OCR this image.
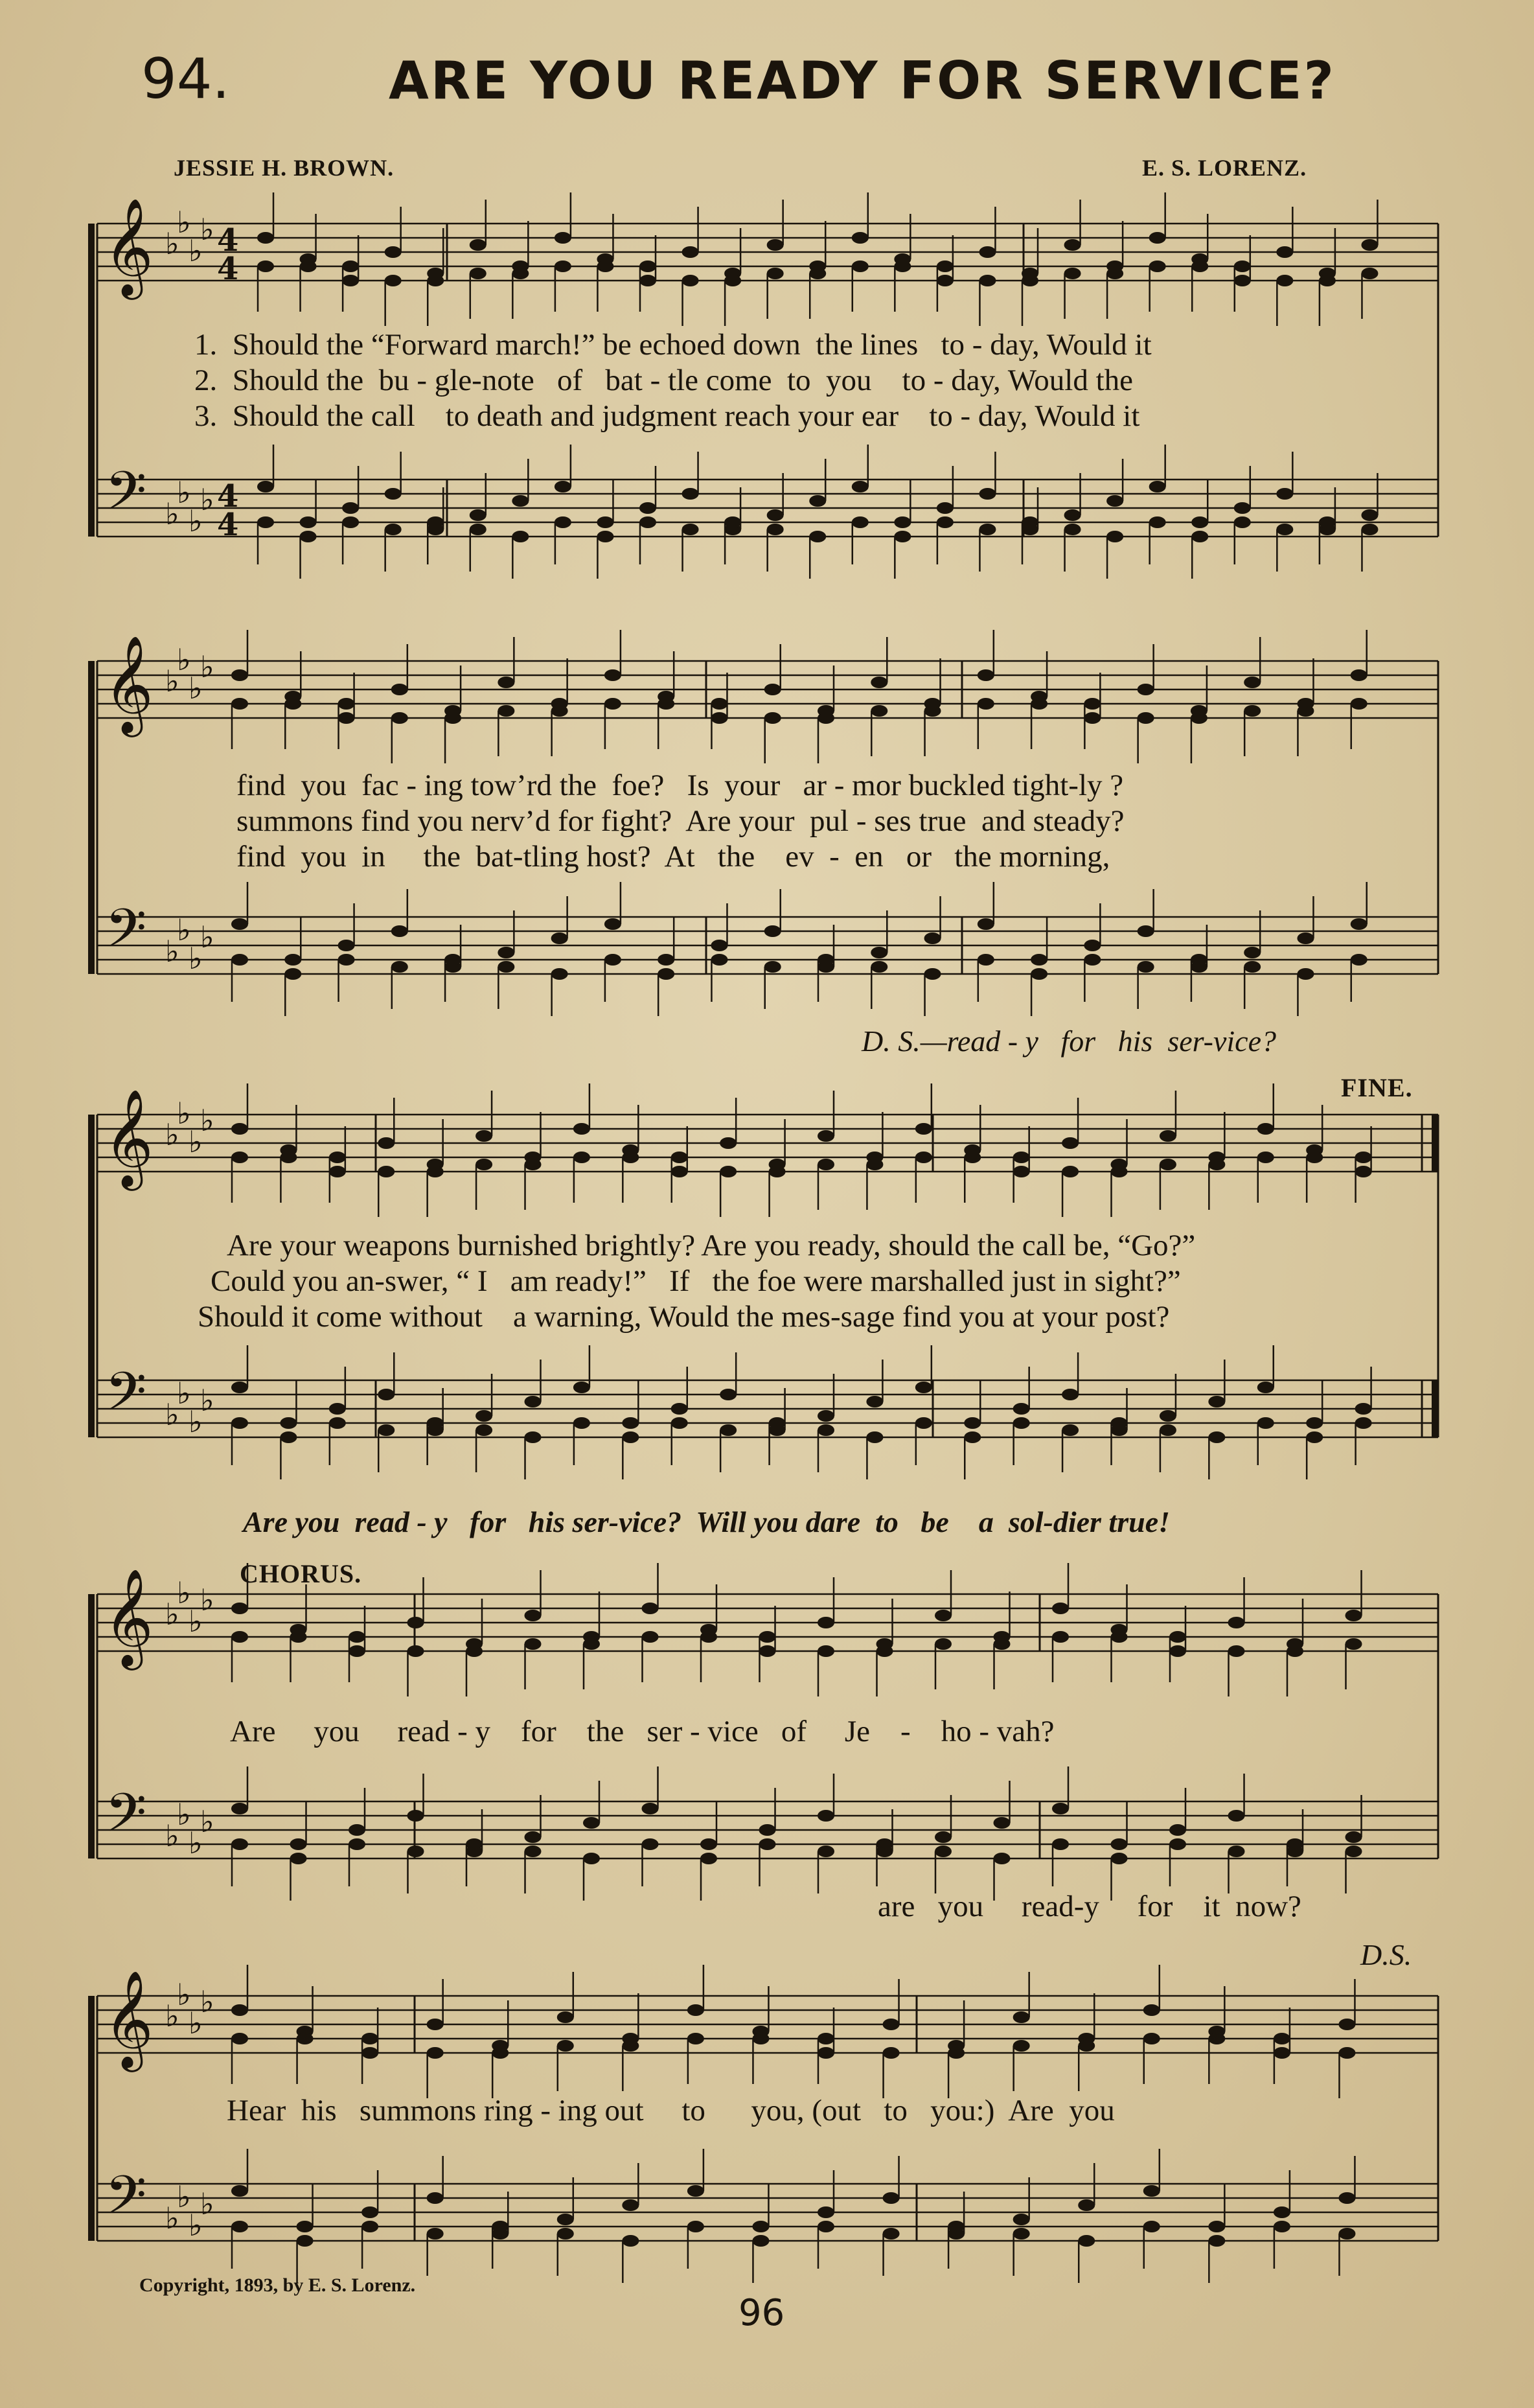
94.	ARE YOU READY FOR SERVICE?
JESSIE H. BROWN.	E. S. LORENZ.
𝄞
𝄢
♭
♭
♭
♭
♭
♭
♭
♭
4
4
4
4
1.  Should the “Forward march!” be echoed down  the lines   to - day, Would it
2.  Should the  bu - gle-note   of   bat - tle come  to  you    to - day, Would the
3.  Should the call    to death and judgment reach your ear    to - day, Would it
𝄞
𝄢
♭
♭
♭
♭
♭
♭
♭
♭
find  you  fac - ing tow’rd the  foe?   Is  your   ar - mor buckled tight-ly ?
summons find you nerv’d for fight?  Are your  pul - ses true  and steady?
find  you  in     the  bat-tling host?  At   the    ev  -  en   or   the morning,
D. S.—read - y   for   his  ser-vice?
FINE.
𝄞
𝄢
♭
♭
♭
♭
♭
♭
♭
♭
Are your weapons burnished brightly? Are you ready, should the call be, “Go?”
Could you an-swer, “ I   am ready!”   If   the foe were marshalled just in sight?”
Should it come without    a warning, Would the mes-sage find you at your post?
Are you  read - y   for   his ser-vice?  Will you dare  to   be    a  sol-dier true!
CHORUS.
𝄞
𝄢
♭
♭
♭
♭
♭
♭
♭
♭
Are     you     read - y    for    the   ser - vice   of     Je    -    ho - vah?
are   you     read-y     for    it  now?
D.S.
𝄞
𝄢
♭
♭
♭
♭
♭
♭
♭
♭
Hear  his   summons ring - ing out     to      you, (out   to   you:)  Are  you
Copyright, 1893, by E. S. Lorenz.
96
